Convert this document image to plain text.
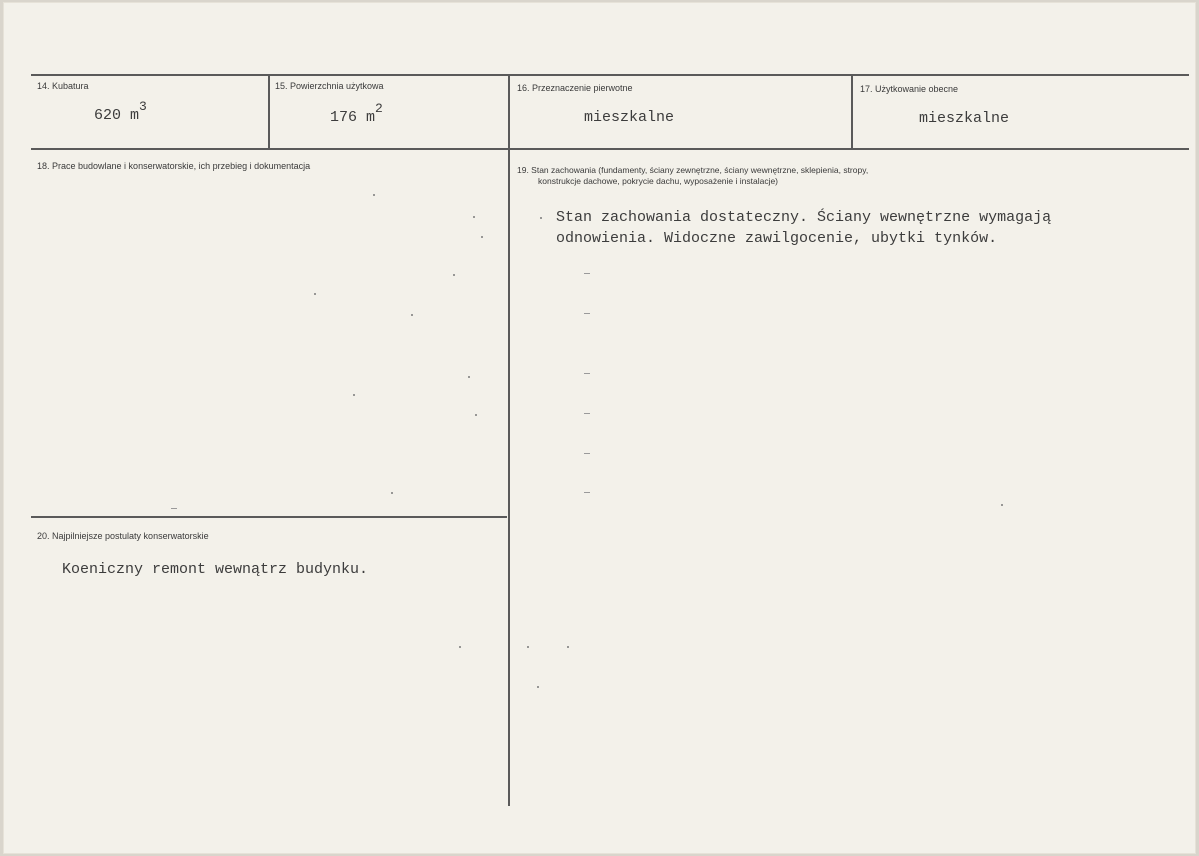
14. Kubatura
620 m3
15. Powierzchnia użytkowa
176 m2
16. Przeznaczenie pierwotne
mieszkalne
17. Użytkowanie obecne
mieszkalne
18. Prace budowlane i konserwatorskie, ich przebieg i dokumentacja	19. Stan zachowania (fundamenty, ściany zewnętrzne, ściany wewnętrzne, sklepienia, stropy,
konstrukcje dachowe, pokrycie dachu, wyposażenie i instalacje)
Stan zachowania dostateczny. Ściany wewnętrzne wymagają
odnowienia. Widoczne zawilgocenie, ubytki tynków.
20. Najpilniejsze postulaty konserwatorskie
Koeniczny remont wewnątrz budynku.
